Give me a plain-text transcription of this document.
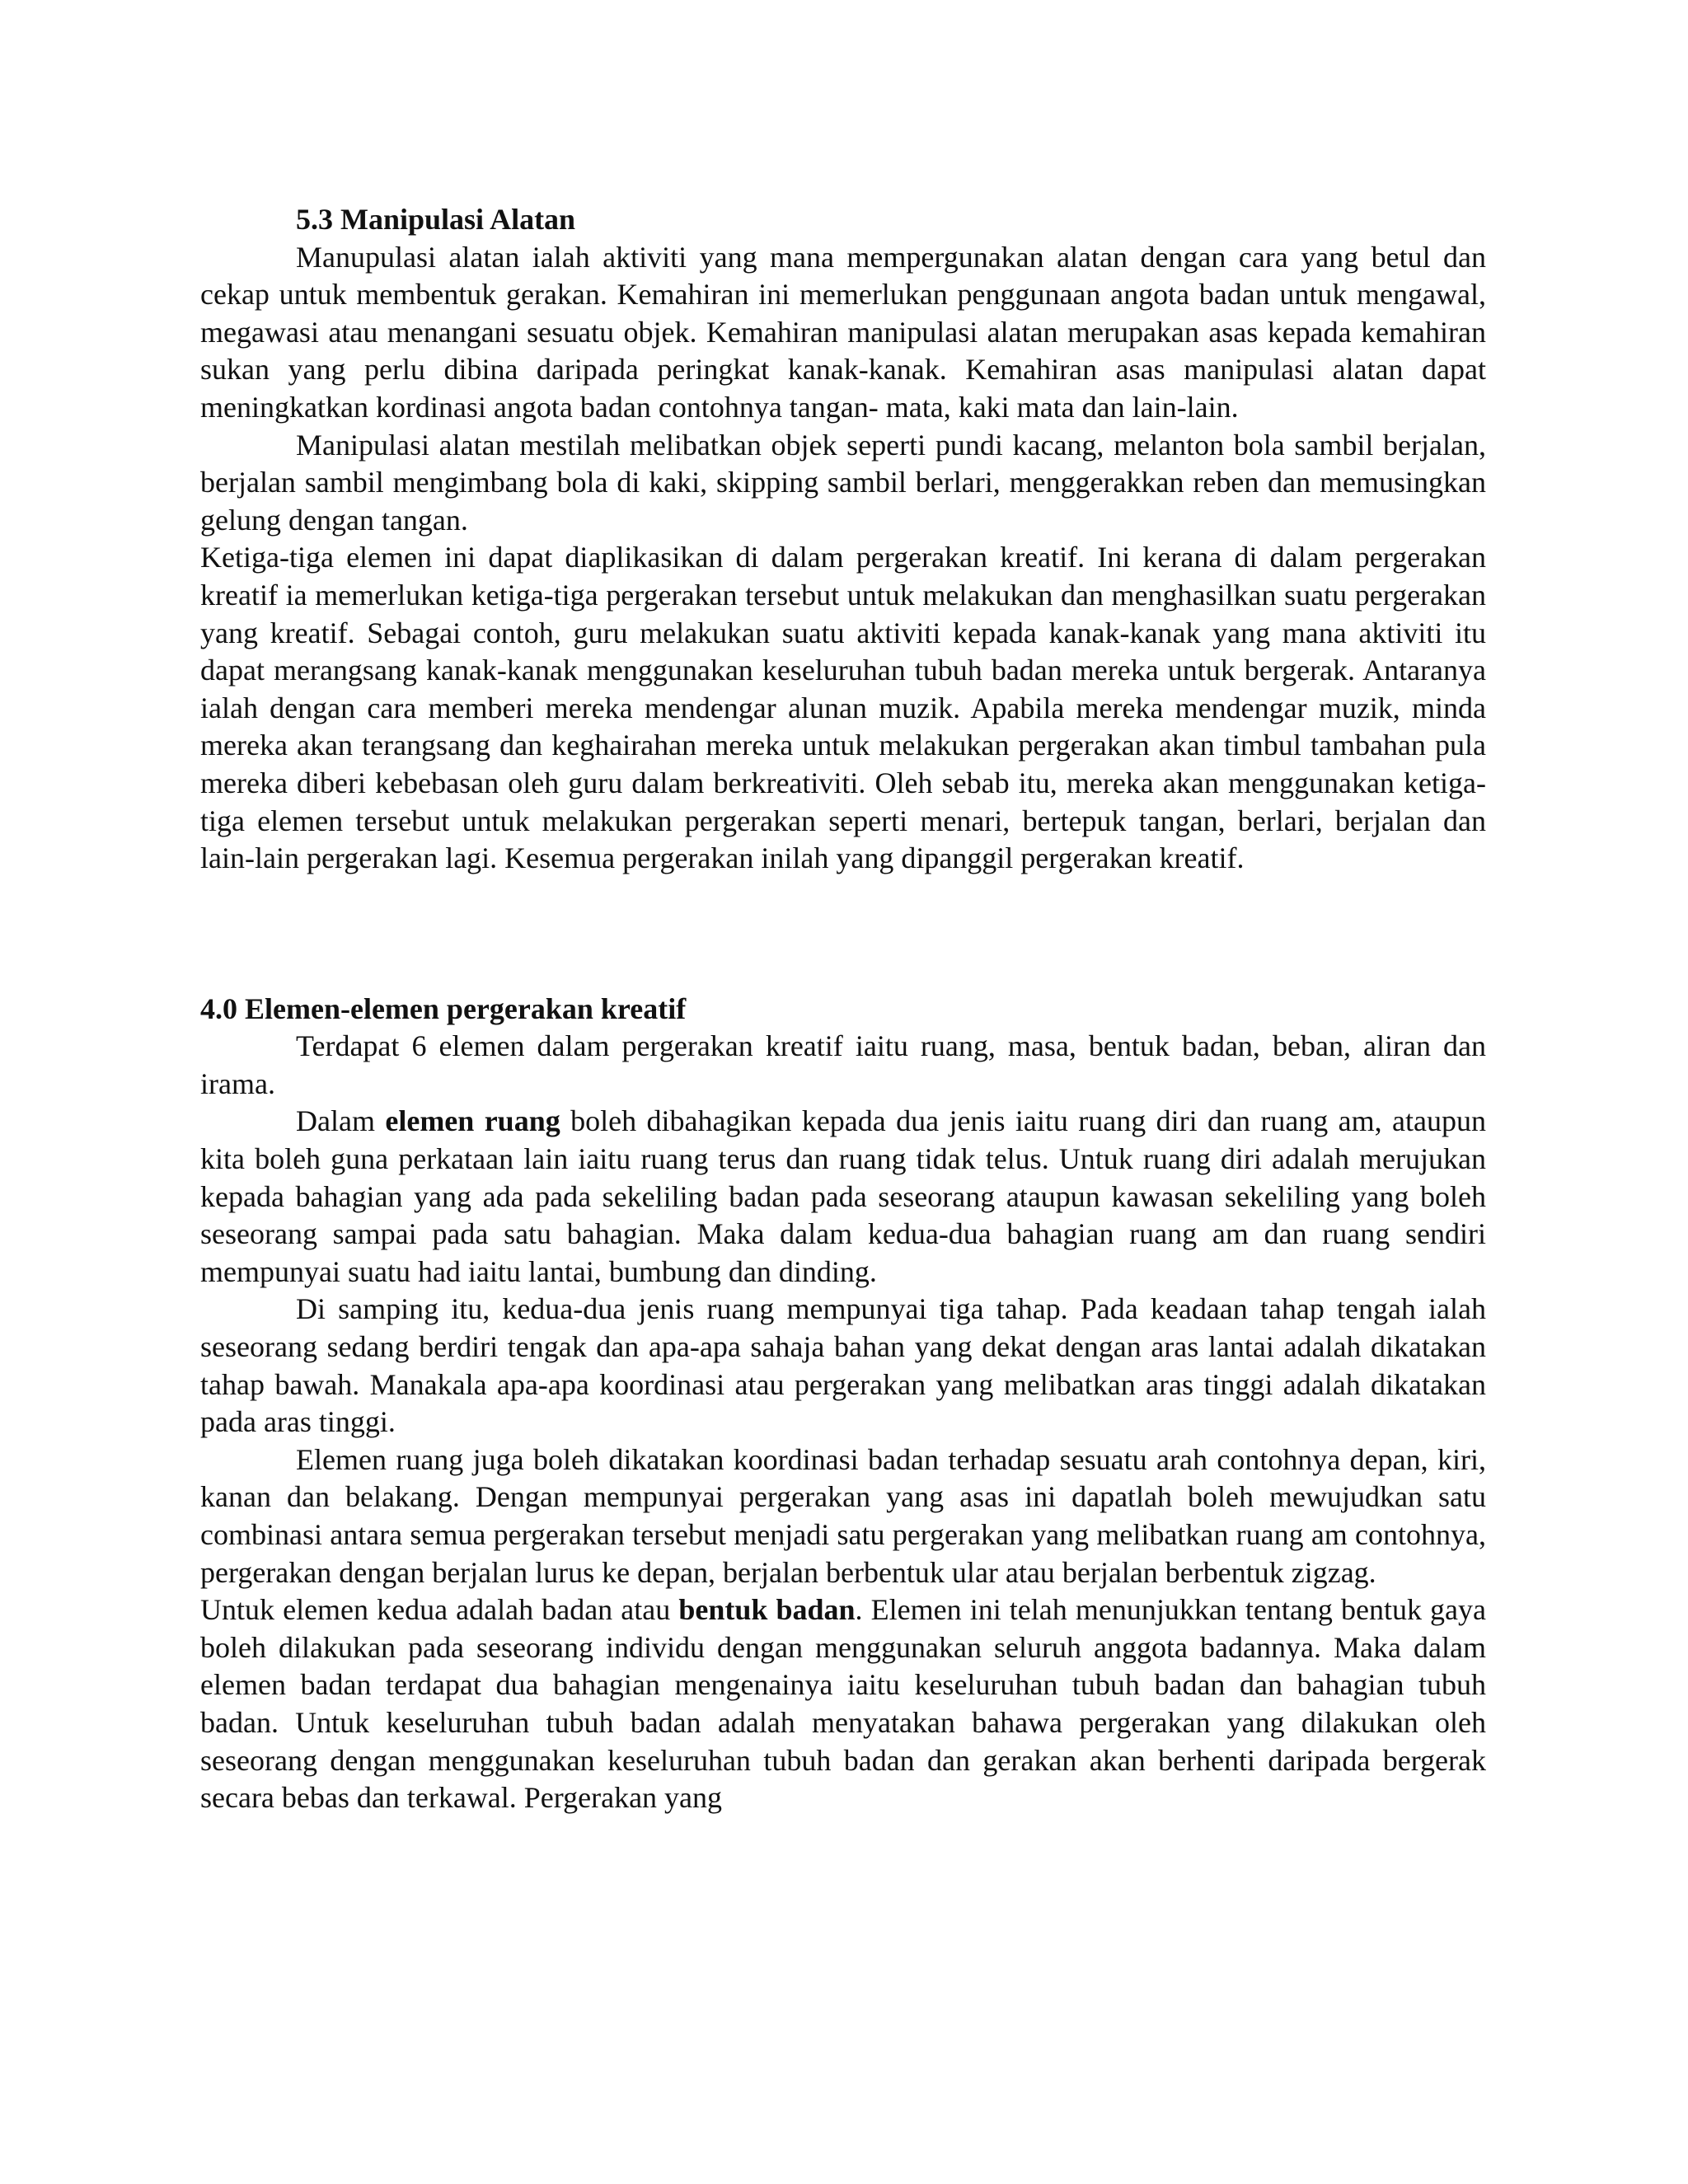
5.3 Manipulasi Alatan

Manupulasi alatan ialah aktiviti yang mana mempergunakan alatan dengan cara yang betul dan cekap untuk membentuk gerakan. Kemahiran ini memerlukan penggunaan angota badan untuk mengawal, megawasi atau menangani sesuatu objek. Kemahiran manipulasi alatan merupakan asas kepada kemahiran sukan yang perlu dibina daripada peringkat kanak-kanak. Kemahiran asas manipulasi alatan dapat meningkatkan kordinasi angota badan contohnya tangan- mata, kaki mata dan lain-lain.

Manipulasi alatan mestilah melibatkan objek seperti pundi kacang, melanton bola sambil berjalan, berjalan sambil mengimbang bola di kaki, skipping sambil berlari, menggerakkan reben dan memusingkan gelung dengan tangan.

Ketiga-tiga elemen ini dapat diaplikasikan di dalam pergerakan kreatif. Ini kerana di dalam pergerakan kreatif ia memerlukan ketiga-tiga pergerakan tersebut untuk melakukan dan menghasilkan suatu pergerakan yang kreatif. Sebagai contoh, guru melakukan suatu aktiviti kepada kanak-kanak yang mana aktiviti itu dapat merangsang kanak-kanak menggunakan keseluruhan tubuh badan mereka untuk bergerak. Antaranya ialah dengan cara memberi mereka mendengar alunan muzik. Apabila mereka mendengar muzik, minda mereka akan terangsang dan keghairahan mereka untuk melakukan pergerakan akan timbul tambahan pula mereka diberi kebebasan oleh guru dalam berkreativiti. Oleh sebab itu, mereka akan menggunakan ketiga-tiga elemen tersebut untuk melakukan pergerakan seperti menari, bertepuk tangan, berlari, berjalan dan lain-lain pergerakan lagi. Kesemua pergerakan inilah yang dipanggil pergerakan kreatif.

4.0 Elemen-elemen pergerakan kreatif

Terdapat 6 elemen dalam pergerakan kreatif iaitu ruang, masa, bentuk badan, beban, aliran dan irama.

Dalam elemen ruang boleh dibahagikan kepada dua jenis iaitu ruang diri dan ruang am, ataupun kita boleh guna perkataan lain iaitu ruang terus dan ruang tidak telus. Untuk ruang diri adalah merujukan kepada bahagian yang ada pada sekeliling badan pada seseorang ataupun kawasan sekeliling yang boleh seseorang sampai pada satu bahagian. Maka dalam kedua-dua bahagian ruang am dan ruang sendiri mempunyai suatu had iaitu lantai, bumbung dan dinding.

Di samping itu, kedua-dua jenis ruang mempunyai tiga tahap. Pada keadaan tahap tengah ialah seseorang sedang berdiri tengak dan apa-apa sahaja bahan yang dekat dengan aras lantai adalah dikatakan tahap bawah. Manakala apa-apa koordinasi atau pergerakan yang melibatkan aras tinggi adalah dikatakan pada aras tinggi.

Elemen ruang juga boleh dikatakan koordinasi badan terhadap sesuatu arah contohnya depan, kiri, kanan dan belakang. Dengan mempunyai pergerakan yang asas ini dapatlah boleh mewujudkan satu combinasi antara semua pergerakan tersebut menjadi satu pergerakan yang melibatkan ruang am contohnya, pergerakan dengan berjalan lurus ke depan, berjalan berbentuk ular atau berjalan berbentuk zigzag.

Untuk elemen kedua adalah badan atau bentuk badan. Elemen ini telah menunjukkan tentang bentuk gaya boleh dilakukan pada seseorang individu dengan menggunakan seluruh anggota badannya. Maka dalam elemen badan terdapat dua bahagian mengenainya iaitu keseluruhan tubuh badan dan bahagian tubuh badan. Untuk keseluruhan tubuh badan adalah menyatakan bahawa pergerakan yang dilakukan oleh seseorang dengan menggunakan keseluruhan tubuh badan dan gerakan akan berhenti daripada bergerak secara bebas dan terkawal. Pergerakan yang
